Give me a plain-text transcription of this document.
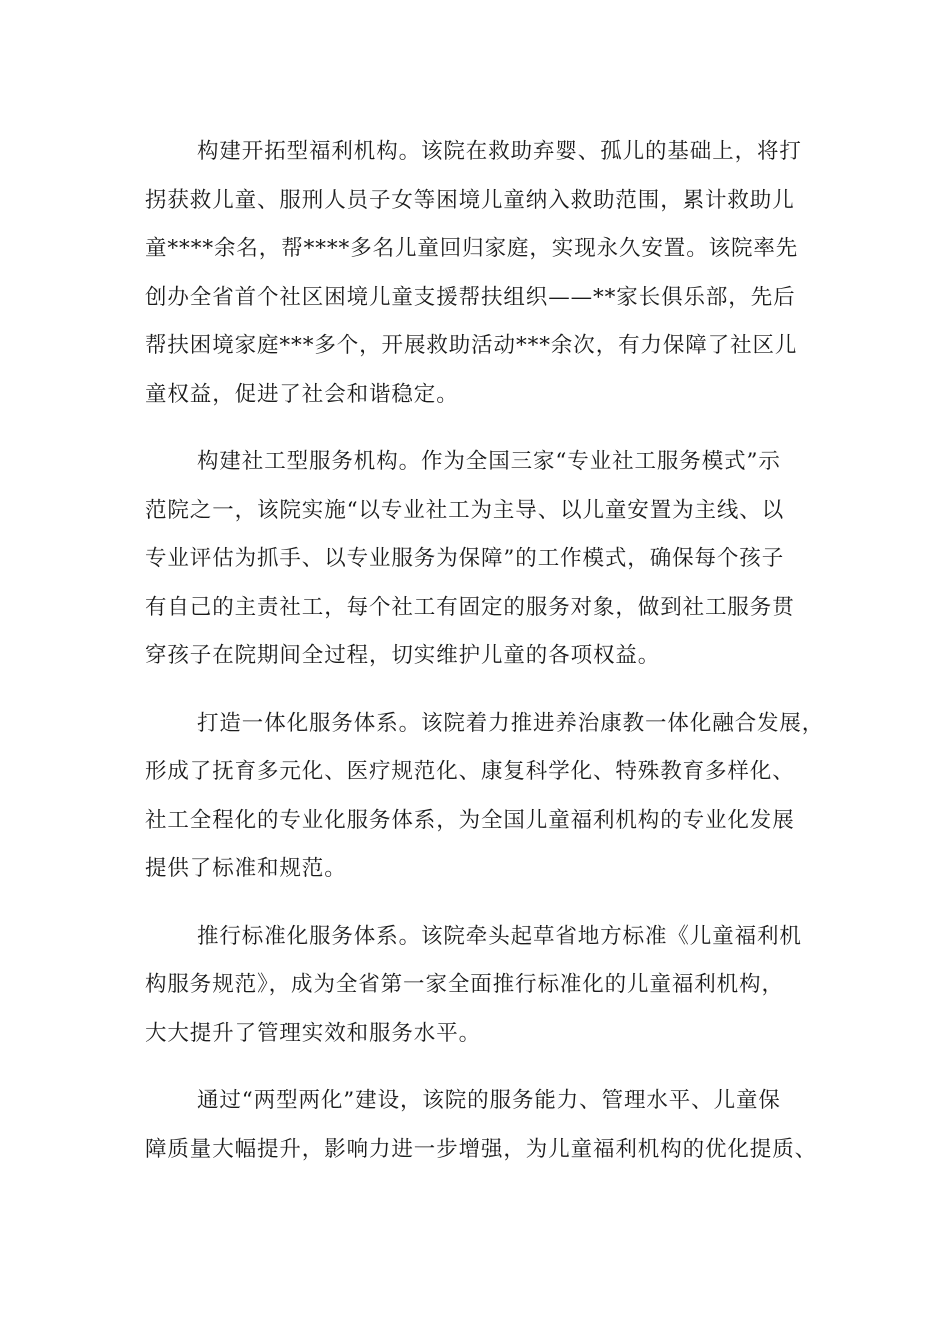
构建开拓型福利机构。该院在救助弃婴、孤儿的基础上，将打
拐获救儿童、服刑人员子女等困境儿童纳入救助范围，累计救助儿
童****余名，帮****多名儿童回归家庭，实现永久安置。该院率先
创办全省首个社区困境儿童支援帮扶组织——**家长俱乐部，先后
帮扶困境家庭***多个，开展救助活动***余次，有力保障了社区儿
童权益，促进了社会和谐稳定。

构建社工型服务机构。作为全国三家“专业社工服务模式”示
范院之一，该院实施“以专业社工为主导、以儿童安置为主线、以
专业评估为抓手、以专业服务为保障”的工作模式，确保每个孩子
有自己的主责社工，每个社工有固定的服务对象，做到社工服务贯
穿孩子在院期间全过程，切实维护儿童的各项权益。

打造一体化服务体系。该院着力推进养治康教一体化融合发展，
形成了抚育多元化、医疗规范化、康复科学化、特殊教育多样化、
社工全程化的专业化服务体系，为全国儿童福利机构的专业化发展
提供了标准和规范。

推行标准化服务体系。该院牵头起草省地方标准《儿童福利机
构服务规范》，成为全省第一家全面推行标准化的儿童福利机构，
大大提升了管理实效和服务水平。

通过“两型两化”建设，该院的服务能力、管理水平、儿童保
障质量大幅提升，影响力进一步增强，为儿童福利机构的优化提质、
